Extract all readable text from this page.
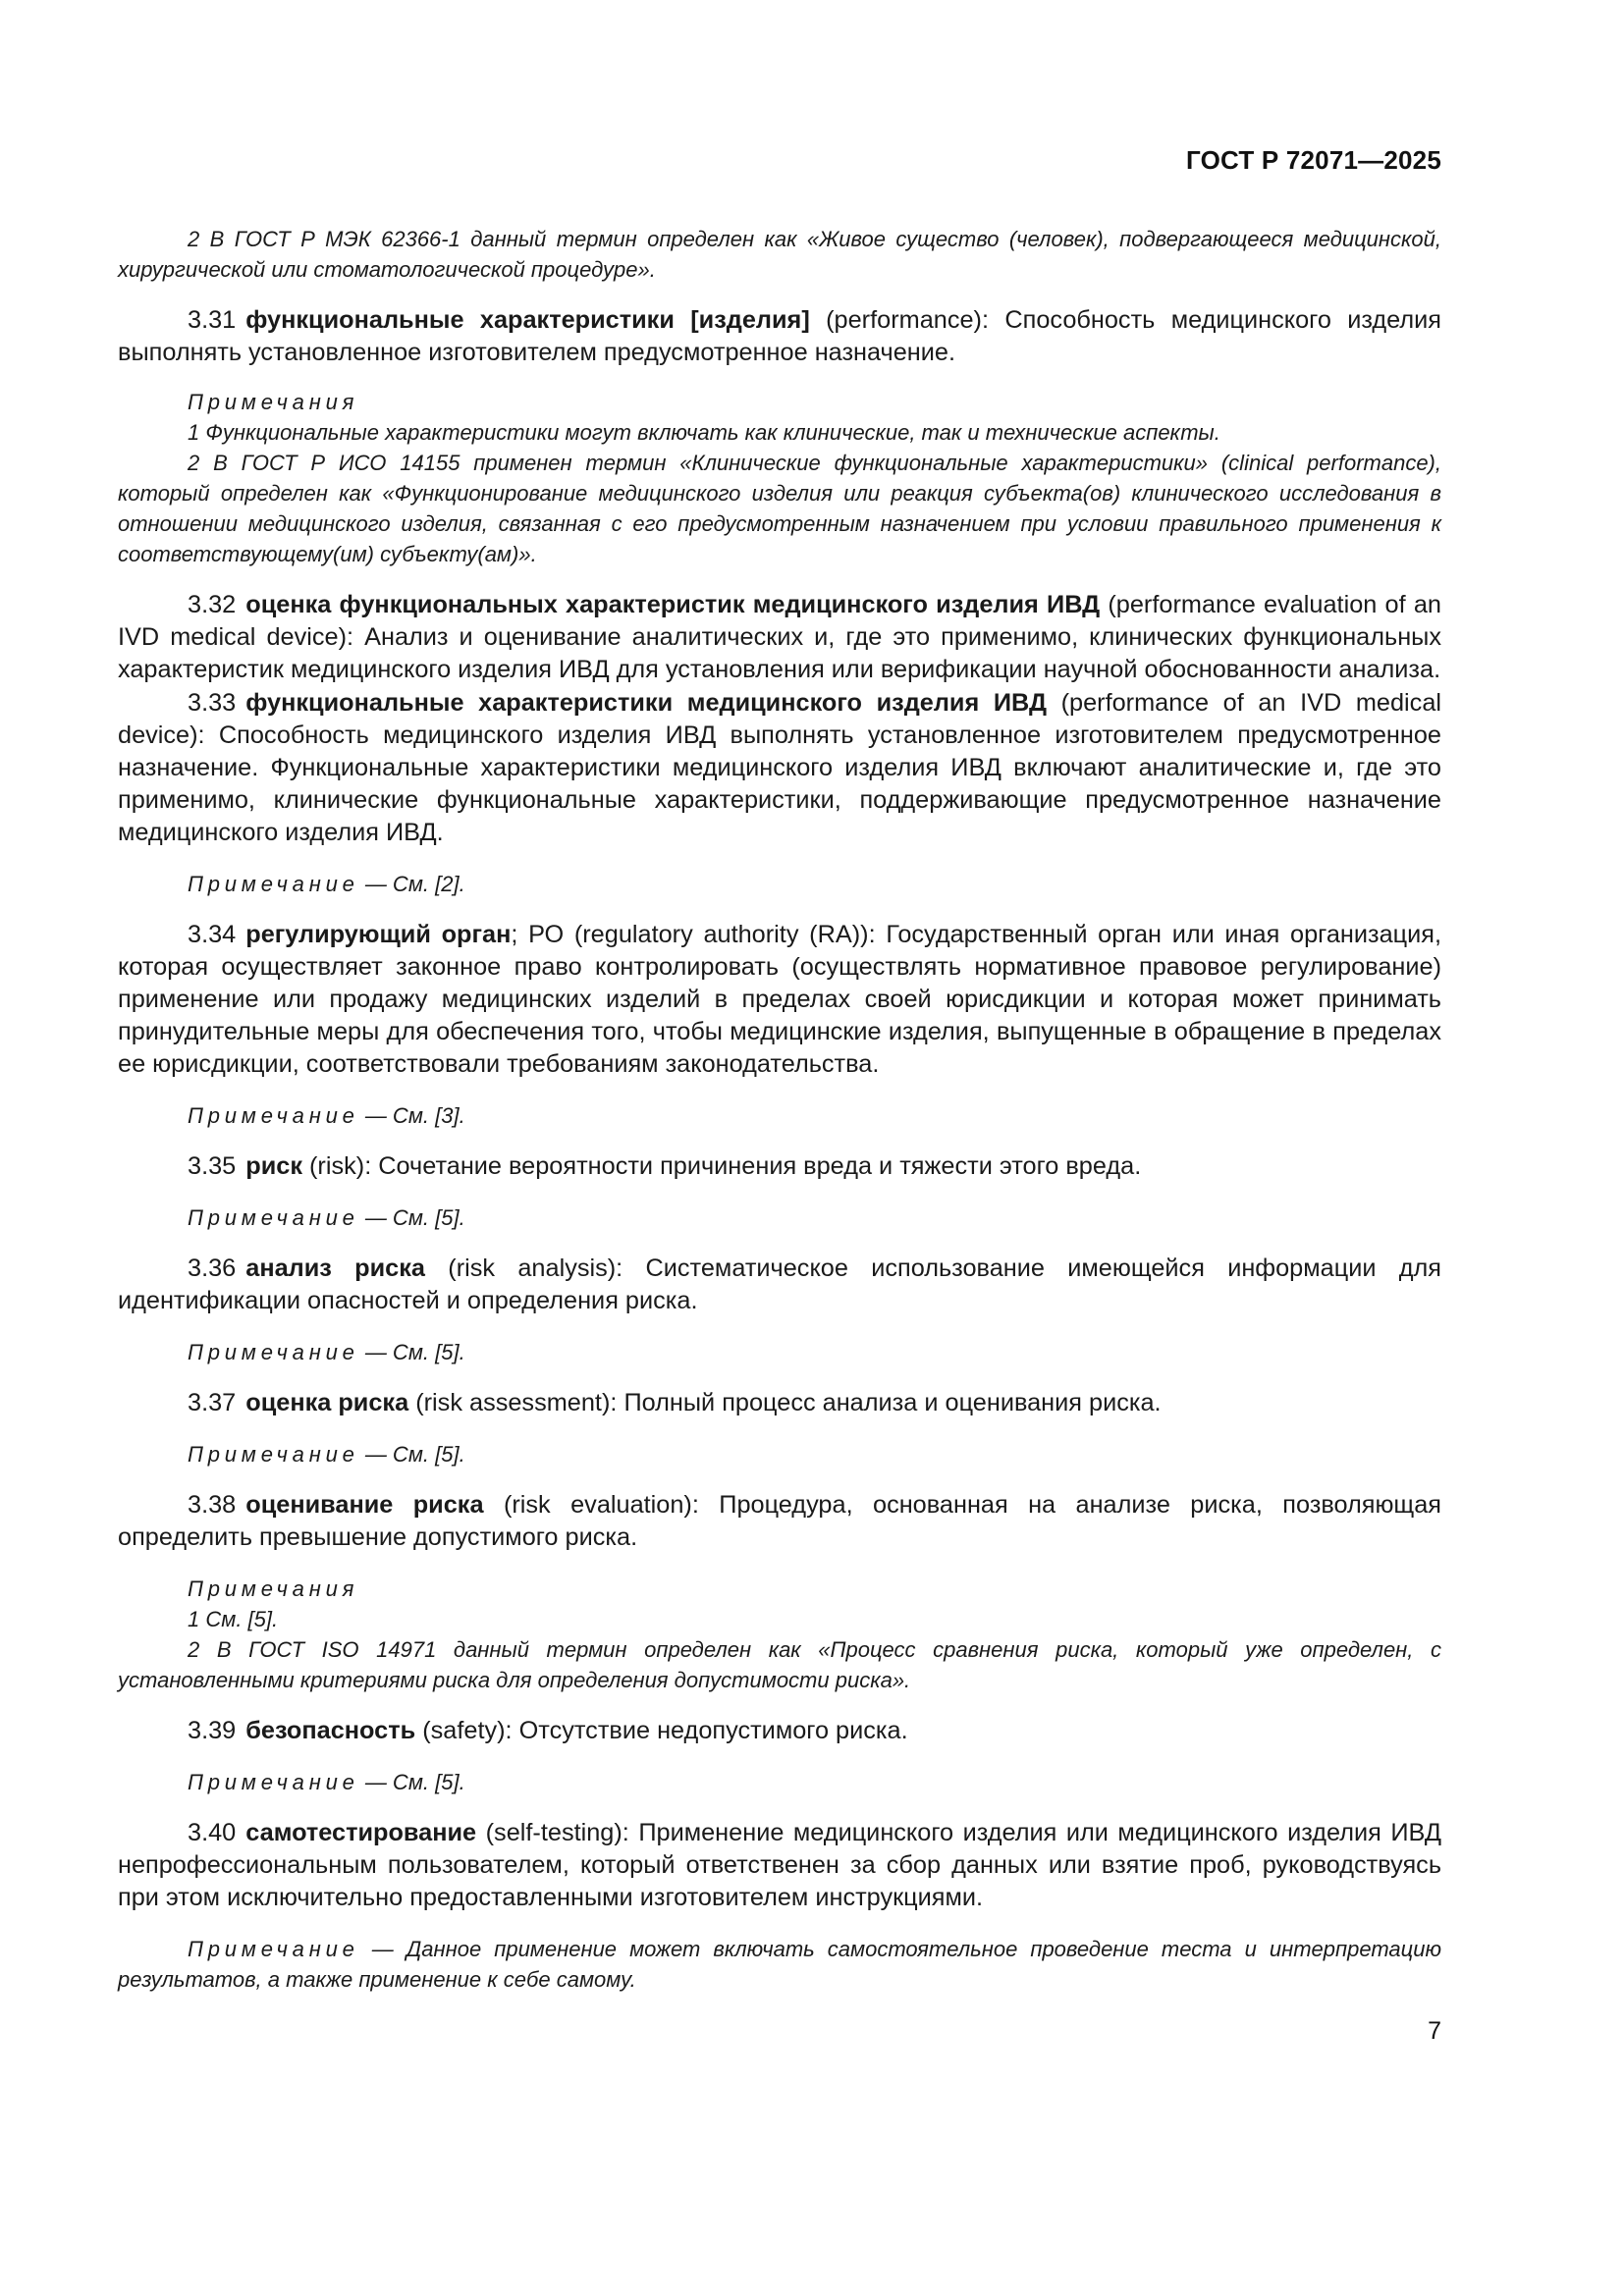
ГОСТ Р 72071—2025

2 В ГОСТ Р МЭК 62366-1 данный термин определен как «Живое существо (человек), подвергающееся медицинской, хирургической или стоматологической процедуре».

3.31 функциональные характеристики [изделия] (performance): Способность медицинского изделия выполнять установленное изготовителем предусмотренное назначение.

Примечания

1 Функциональные характеристики могут включать как клинические, так и технические аспекты.

2 В ГОСТ Р ИСО 14155 применен термин «Клинические функциональные характеристики» (clinical performance), который определен как «Функционирование медицинского изделия или реакция субъекта(ов) клинического исследования в отношении медицинского изделия, связанная с его предусмотренным назначением при условии правильного применения к соответствующему(им) субъекту(ам)».

3.32 оценка функциональных характеристик медицинского изделия ИВД (performance evaluation of an IVD medical device): Анализ и оценивание аналитических и, где это применимо, клинических функциональных характеристик медицинского изделия ИВД для установления или верификации научной обоснованности анализа.

3.33 функциональные характеристики медицинского изделия ИВД (performance of an IVD medical device): Способность медицинского изделия ИВД выполнять установленное изготовителем предусмотренное назначение. Функциональные характеристики медицинского изделия ИВД включают аналитические и, где это применимо, клинические функциональные характеристики, поддерживающие предусмотренное назначение медицинского изделия ИВД.

Примечание — См. [2].

3.34 регулирующий орган; РО (regulatory authority (RA)): Государственный орган или иная организация, которая осуществляет законное право контролировать (осуществлять нормативное правовое регулирование) применение или продажу медицинских изделий в пределах своей юрисдикции и которая может принимать принудительные меры для обеспечения того, чтобы медицинские изделия, выпущенные в обращение в пределах ее юрисдикции, соответствовали требованиям законодательства.

Примечание — См. [3].

3.35 риск (risk): Сочетание вероятности причинения вреда и тяжести этого вреда.

Примечание — См. [5].

3.36 анализ риска (risk analysis): Систематическое использование имеющейся информации для идентификации опасностей и определения риска.

Примечание — См. [5].

3.37 оценка риска (risk assessment): Полный процесс анализа и оценивания риска.

Примечание — См. [5].

3.38 оценивание риска (risk evaluation): Процедура, основанная на анализе риска, позволяющая определить превышение допустимого риска.

Примечания

1 См. [5].

2 В ГОСТ ISO 14971 данный термин определен как «Процесс сравнения риска, который уже определен, с установленными критериями риска для определения допустимости риска».

3.39 безопасность (safety): Отсутствие недопустимого риска.

Примечание — См. [5].

3.40 самотестирование (self-testing): Применение медицинского изделия или медицинского изделия ИВД непрофессиональным пользователем, который ответственен за сбор данных или взятие проб, руководствуясь при этом исключительно предоставленными изготовителем инструкциями.

Примечание — Данное применение может включать самостоятельное проведение теста и интерпретацию результатов, а также применение к себе самому.

7
